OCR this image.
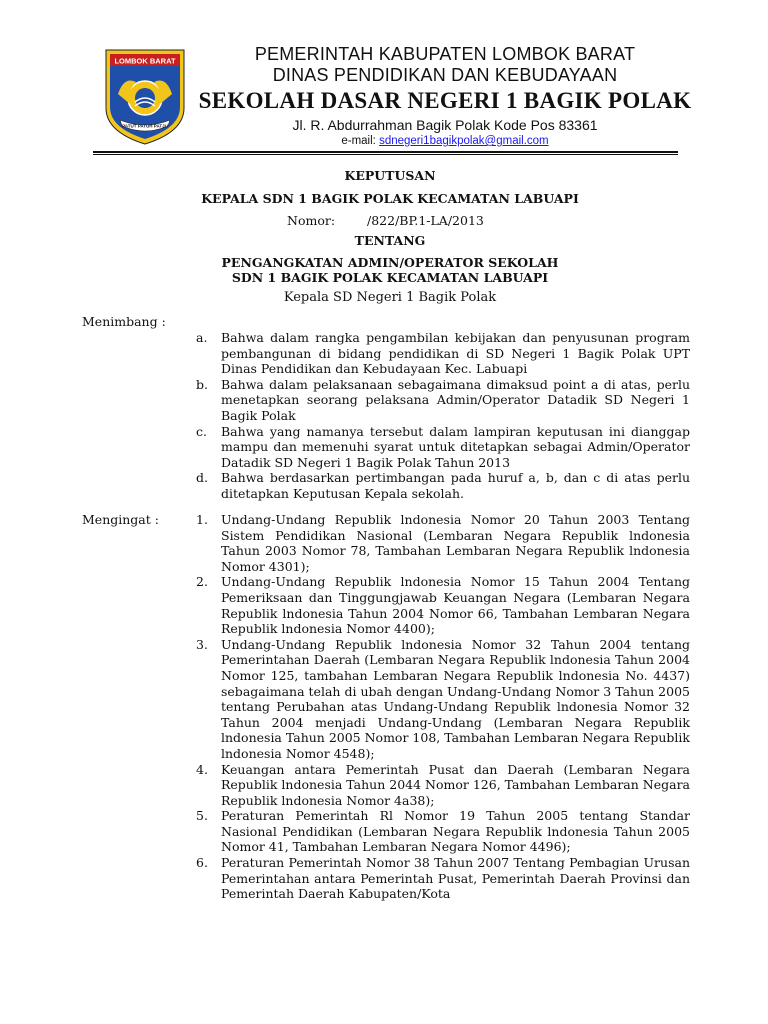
LOMBOK BARAT
PATUT PATUH PATJU
PEMERINTAH KABUPATEN LOMBOK BARAT
DINAS PENDIDIKAN DAN KEBUDAYAAN
SEKOLAH DASAR NEGERI 1 BAGIK POLAK
Jl. R. Abdurrahman Bagik Polak Kode Pos 83361
e-mail: sdnegeri1bagikpolak@gmail.com
KEPUTUSAN
KEPALA SDN 1 BAGIK POLAK KECAMATAN LABUAPI
Nomor:	/822/BP.1-LA/2013
TENTANG
PENGANGKATAN ADMIN/OPERATOR SEKOLAH
SDN 1 BAGIK POLAK KECAMATAN LABUAPI
Kepala SD Negeri 1 Bagik Polak
Menimbang :
a. Bahwa dalam rangka pengambilan kebijakan dan penyusunan program pembangunan di bidang pendidikan di SD Negeri 1 Bagik Polak UPT Dinas Pendidikan dan Kebudayaan Kec. Labuapi
b. Bahwa dalam pelaksanaan sebagaimana dimaksud point a di atas, perlu menetapkan seorang pelaksana Admin/Operator Datadik SD Negeri 1 Bagik Polak
c. Bahwa yang namanya tersebut dalam lampiran keputusan ini dianggap mampu dan memenuhi syarat untuk ditetapkan sebagai Admin/Operator Datadik SD Negeri 1 Bagik Polak Tahun 2013
d. Bahwa berdasarkan pertimbangan pada huruf a, b, dan c di atas perlu ditetapkan Keputusan Kepala sekolah.
Mengingat :	1. Undang-Undang Republik lndonesia Nomor 20 Tahun 2003 Tentang Sistem Pendidikan Nasional (Lembaran Negara Republik lndonesia Tahun 2003 Nomor 78, Tambahan Lembaran Negara Republik lndonesia Nomor 4301);
2. Undang-Undang Republik lndonesia Nomor 15 Tahun 2004 Tentang Pemeriksaan dan Tinggungjawab Keuangan Negara (Lembaran Negara Republik lndonesia Tahun 2004 Nomor 66, Tambahan Lembaran Negara Republik lndonesia Nomor 4400);
3. Undang-Undang Republik lndonesia Nomor 32 Tahun 2004 tentang Pemerintahan Daerah (Lembaran Negara Republik lndonesia Tahun 2004 Nomor 125, tambahan Lembaran Negara Republik lndonesia No. 4437) sebagaimana telah di ubah dengan Undang-Undang Nomor 3 Tahun 2005 tentang Perubahan atas Undang-Undang Republik lndonesia Nomor 32 Tahun 2004 menjadi Undang-Undang (Lembaran Negara Republik lndonesia Tahun 2005 Nomor 108, Tambahan Lembaran Negara Republik lndonesia Nomor 4548);
4. Keuangan antara Pemerintah Pusat dan Daerah (Lembaran Negara Republik lndonesia Tahun 2044 Nomor 126, Tambahan Lembaran Negara Republik lndonesia Nomor 4a38);
5. Peraturan Pemerintah Rl Nomor 19 Tahun 2005 tentang Standar Nasional Pendidikan (Lembaran Negara Republik lndonesia Tahun 2005 Nomor 41, Tambahan Lembaran Negara Nomor 4496);
6. Peraturan Pemerintah Nomor 38 Tahun 2007 Tentang Pembagian Urusan Pemerintahan antara Pemerintah Pusat, Pemerintah Daerah Provinsi dan Pemerintah Daerah Kabupaten/Kota
